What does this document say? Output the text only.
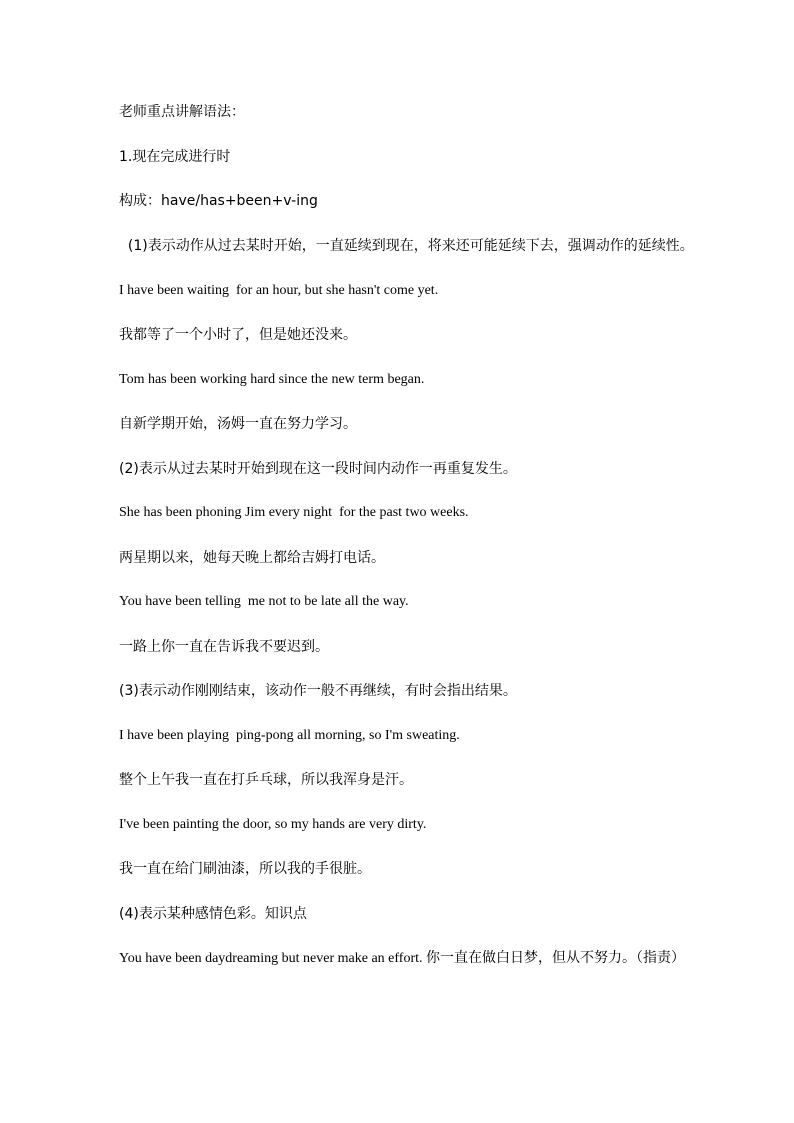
老师重点讲解语法：
1.现在完成进行时
构成：have/has+been+v-ing
(1)表示动作从过去某时开始，一直延续到现在，将来还可能延续下去，强调动作的延续性。
I have been waiting  for an hour, but she hasn't come yet.
我都等了一个小时了，但是她还没来。
Tom has been working hard since the new term began.
自新学期开始，汤姆一直在努力学习。
(2)表示从过去某时开始到现在这一段时间内动作一再重复发生。
She has been phoning Jim every night  for the past two weeks.
两星期以来，她每天晚上都给吉姆打电话。
You have been telling  me not to be late all the way.
一路上你一直在告诉我不要迟到。
(3)表示动作刚刚结束，该动作一般不再继续，有时会指出结果。
I have been playing  ping-pong all morning, so I'm sweating.
整个上午我一直在打乒乓球，所以我浑身是汗。
I've been painting the door, so my hands are very dirty.
我一直在给门刷油漆，所以我的手很脏。
(4)表示某种感情色彩。知识点
You have been daydreaming but never make an effort. 你一直在做白日梦，但从不努力。（指责）
